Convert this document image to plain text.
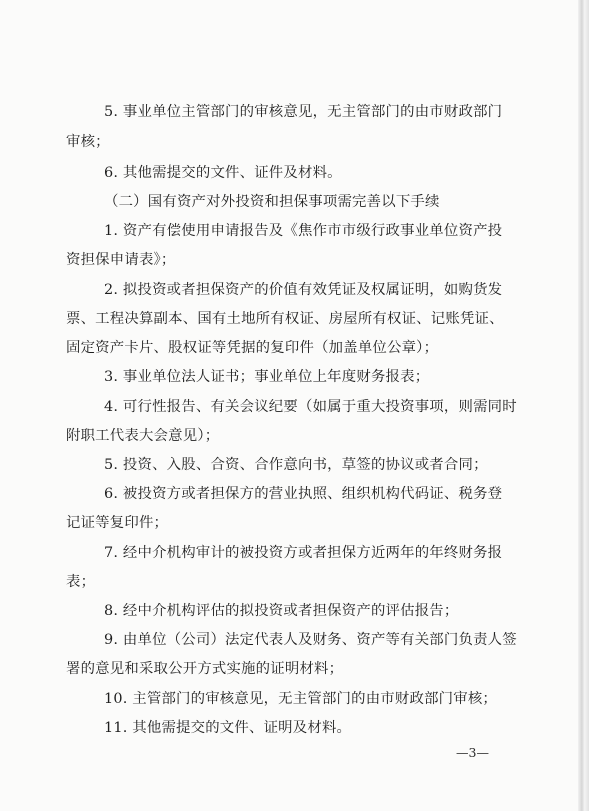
5. 事业单位主管部门的审核意见，无主管部门的由市财政部门
审核；
6. 其他需提交的文件、证件及材料。
（二）国有资产对外投资和担保事项需完善以下手续
1. 资产有偿使用申请报告及《焦作市市级行政事业单位资产投
资担保申请表》；
2. 拟投资或者担保资产的价值有效凭证及权属证明，如购货发
票、工程决算副本、国有土地所有权证、房屋所有权证、记账凭证、
固定资产卡片、股权证等凭据的复印件（加盖单位公章）；
3. 事业单位法人证书；事业单位上年度财务报表；
4. 可行性报告、有关会议纪要（如属于重大投资事项，则需同时
附职工代表大会意见）；
5. 投资、入股、合资、合作意向书，草签的协议或者合同；
6. 被投资方或者担保方的营业执照、组织机构代码证、税务登
记证等复印件；
7. 经中介机构审计的被投资方或者担保方近两年的年终财务报
表；
8. 经中介机构评估的拟投资或者担保资产的评估报告；
9. 由单位（公司）法定代表人及财务、资产等有关部门负责人签
署的意见和采取公开方式实施的证明材料；
10. 主管部门的审核意见，无主管部门的由市财政部门审核；
11. 其他需提交的文件、证明及材料。
—3—
